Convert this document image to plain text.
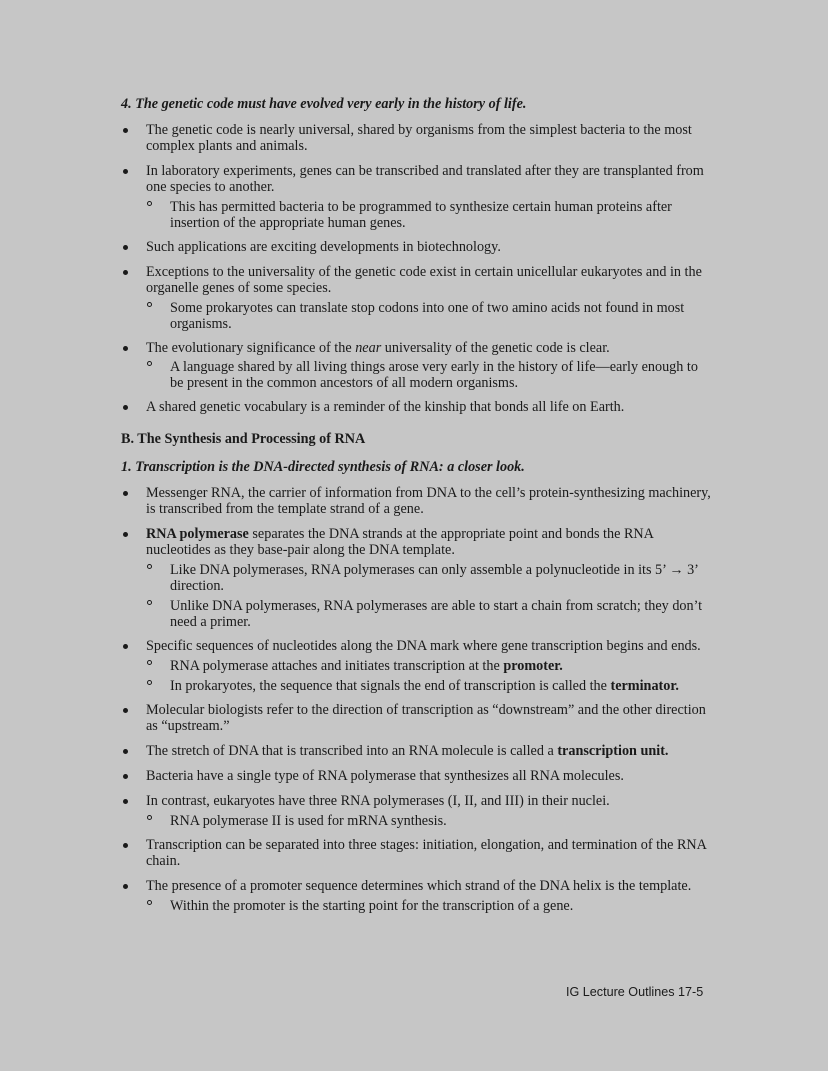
4. The genetic code must have evolved very early in the history of life.

The genetic code is nearly universal, shared by organisms from the simplest bacteria to the most complex plants and animals.
In laboratory experiments, genes can be transcribed and translated after they are transplanted from one species to another.
This has permitted bacteria to be programmed to synthesize certain human proteins after insertion of the appropriate human genes.
Such applications are exciting developments in biotechnology.
Exceptions to the universality of the genetic code exist in certain unicellular eukaryotes and in the organelle genes of some species.
Some prokaryotes can translate stop codons into one of two amino acids not found in most organisms.
The evolutionary significance of the near universality of the genetic code is clear.
A language shared by all living things arose very early in the history of life—early enough to be present in the common ancestors of all modern organisms.
A shared genetic vocabulary is a reminder of the kinship that bonds all life on Earth.

B. The Synthesis and Processing of RNA

1. Transcription is the DNA-directed synthesis of RNA: a closer look.

Messenger RNA, the carrier of information from DNA to the cell’s protein-synthesizing machinery, is transcribed from the template strand of a gene.
RNA polymerase separates the DNA strands at the appropriate point and bonds the RNA nucleotides as they base-pair along the DNA template.
Like DNA polymerases, RNA polymerases can only assemble a polynucleotide in its 5’ → 3’ direction.
Unlike DNA polymerases, RNA polymerases are able to start a chain from scratch; they don’t need a primer.
Specific sequences of nucleotides along the DNA mark where gene transcription begins and ends.
RNA polymerase attaches and initiates transcription at the promoter.
In prokaryotes, the sequence that signals the end of transcription is called the terminator.
Molecular biologists refer to the direction of transcription as “downstream” and the other direction as “upstream.”
The stretch of DNA that is transcribed into an RNA molecule is called a transcription unit.
Bacteria have a single type of RNA polymerase that synthesizes all RNA molecules.
In contrast, eukaryotes have three RNA polymerases (I, II, and III) in their nuclei.
RNA polymerase II is used for mRNA synthesis.
Transcription can be separated into three stages: initiation, elongation, and termination of the RNA chain.
The presence of a promoter sequence determines which strand of the DNA helix is the template.
Within the promoter is the starting point for the transcription of a gene.
IG Lecture Outlines 17-5
